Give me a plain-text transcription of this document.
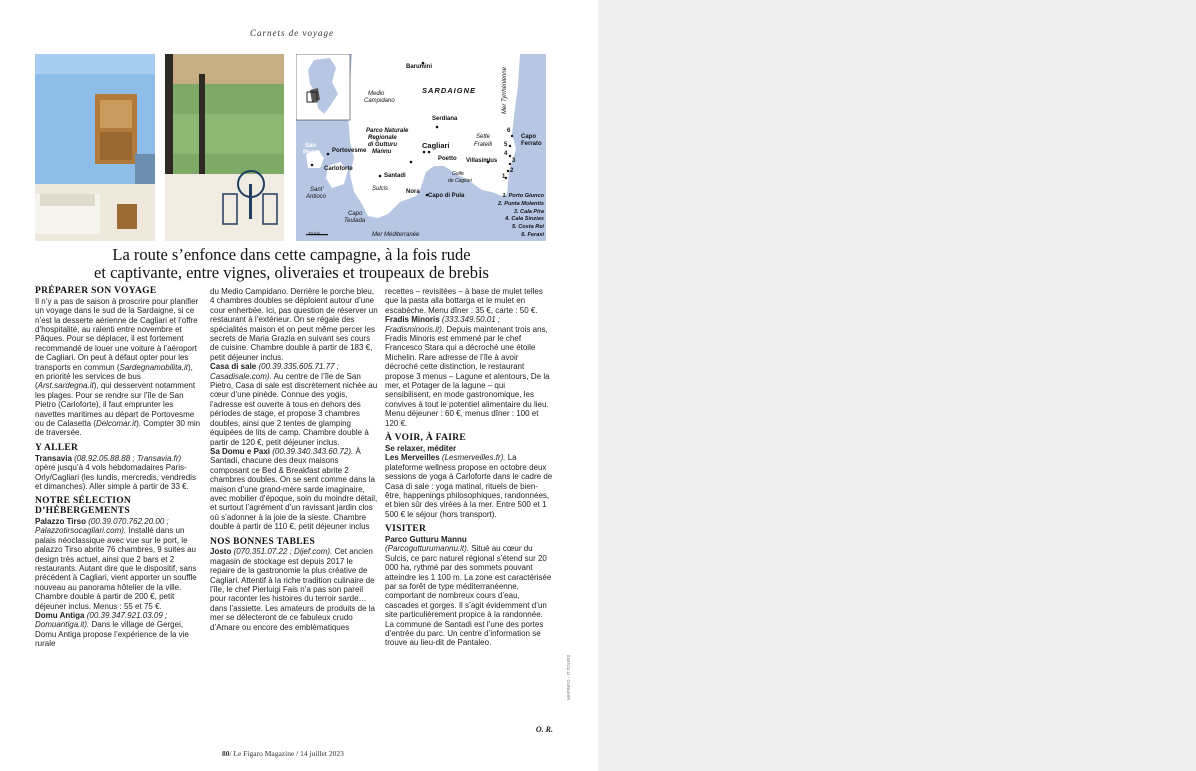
Carnets de voyage
Barumini
SARDAIGNE
Medio
Campidano	Mer Tyrrhénienne
Serdiana
Parco Naturale
Regionale
di Gutturu
Mannu
Sette
Fratelli
Capo
Ferrato
San
Pietro Portovesme
Cagliari
Poetto Villasimius
Carloforte
Santadi	Golfe
de Cagliari
Sulcis	Nora
Capo di Pula
Sant'
Antioco
Capo
Teulada
20 km	Mer Méditerranée
6
5
4
3
2
1
1. Porto Giunco
2. Punta Molentis
3. Cala Pira
4. Cala Sinzias
5. Costa Rei
6. Feraxi
La route s’enfonce dans cette campagne, à la fois rude
et captivante, entre vignes, oliveraies et troupeaux de brebis
PRÉPARER SON VOYAGE

Il n’y a pas de saison à proscrire pour planifier un voyage dans le sud de la Sardaigne, si ce n’est la desserte aérienne de Cagliari et l’offre d’hospitalité, au ralenti entre novembre et Pâques. Pour se déplacer, il est fortement recommandé de louer une voiture à l’aéroport de Cagliari. On peut à défaut opter pour les transports en commun (Sardegnamobilita.it), en priorité les services de bus (Arst.sardegna.it), qui desservent notamment les plages. Pour se rendre sur l’île de San Pietro (Carloforte), il faut emprunter les navettes maritimes au départ de Portovesme ou de Calasetta (Delcomar.it). Compter 30 min de traversée.

Y ALLER

Transavia (08.92.05.88.88 ; Transavia.fr) opère jusqu’à 4 vols hebdomadaires Paris-Orly/Cagliari (les lundis, mercredis, vendredis et dimanches). Aller simple à partir de 33 €.

NOTRE SÉLECTION
D’HÉBERGEMENTS

Palazzo Tirso (00.39.070.762.20.00 ; Palazzotirsocagliari.com). Installé dans un palais néoclassique avec vue sur le port, le palazzo Tirso abrite 76 chambres, 9 suites au design très actuel, ainsi que 2 bars et 2 restaurants. Autant dire que le dispositif, sans précédent à Cagliari, vient apporter un souffle nouveau au panorama hôtelier de la ville. Chambre double à partir de 200 €, petit déjeuner inclus. Menus : 55 et 75 €.

Domu Antiga (00.39.347.921.03.09 ; Domuantiga.it). Dans le village de Gergei, Domu Antiga propose l’expérience de la vie rurale

du Medio Campidano. Derrière le porche bleu, 4 chambres doubles se déploient autour d’une cour enherbée. Ici, pas question de réserver un restaurant à l’extérieur. On se régale des spécialités maison et on peut même percer les secrets de Maria Grazia en suivant ses cours de cuisine. Chambre double à partir de 183 €, petit déjeuner inclus.

Casa di sale (00.39.335.605.71.77 ; Casadisale.com). Au centre de l’île de San Pietro, Casa di sale est discrètement nichée au cœur d’une pinède. Connue des yogis, l’adresse est ouverte à tous en dehors des périodes de stage, et propose 3 chambres doubles, ainsi que 2 tentes de glamping équipées de lits de camp. Chambre double à partir de 120 €, petit déjeuner inclus.

Sa Domu e Paxi (00.39.340.343.60.72). À Santadi, chacune des deux maisons composant ce Bed & Breakfast abrite 2 chambres doubles. On se sent comme dans la maison d’une grand-mère sarde imaginaire, avec mobilier d’époque, soin du moindre détail, et surtout l’agrément d’un ravissant jardin clos où s’adonner à la joie de la sieste. Chambre double à partir de 110 €, petit déjeuner inclus

NOS BONNES TABLES

Josto (070.351.07.22 ; Dijef.com). Cet ancien magasin de stockage est depuis 2017 le repaire de la gastronomie la plus créative de Cagliari. Attentif à la riche tradition culinaire de l’île, le chef Pierluigi Fais n’a pas son pareil pour raconter les histoires du terroir sarde… dans l’assiette. Les amateurs de produits de la mer se délecteront de ce fabuleux crudo d’Amare ou encore des emblématiques

recettes – revisitées – à base de mulet telles que la pasta alla bottarga et le mulet en escabèche. Menu dîner : 35 €, carte : 50 €.

Fradis Minoris (333.349.50.01 ; Fradisminoris.it). Depuis maintenant trois ans, Fradis Minoris est emmené par le chef Francesco Stara qui a décroché une étoile Michelin. Rare adresse de l’île à avoir décroché cette distinction, le restaurant propose 3 menus – Lagune et alentours, De la mer, et Potager de la lagune – qui sensibilisent, en mode gastronomique, les convives à tout le potentiel alimentaire du lieu. Menu déjeuner : 60 €, menus dîner : 100 et 120 €.

À VOIR, À FAIRE
Se relaxer, méditer

Les Merveilles (Lesmerveilles.fr). La plateforme wellness propose en octobre deux sessions de yoga à Carloforte dans le cadre de Casa di sale : yoga matinal, rituels de bien-être, happenings philosophiques, randonnées, et bien sûr des virées à la mer. Entre 500 et 1 500 € le séjour (hors transport).

VISITER
Parco Gutturu Mannu

(Parcogutturumannu.it). Situé au cœur du Sulcis, ce parc naturel régional s’étend sur 20 000 ha, rythmé par des sommets pouvant atteindre les 1 100 m. La zone est caractérisée par sa forêt de type méditerranéenne, comportant de nombreux cours d’eau, cascades et gorges. Il s’agit évidemment d’un site particulièrement propice à la randonnée. La commune de Santadi est l’une des portes d’entrée du parc. Un centre d’information se trouve au lieu-dit de Pantaleo.

O. R.
80/ Le Figaro Magazine / 14 juillet 2023
MAPINFO · IT TOURS
